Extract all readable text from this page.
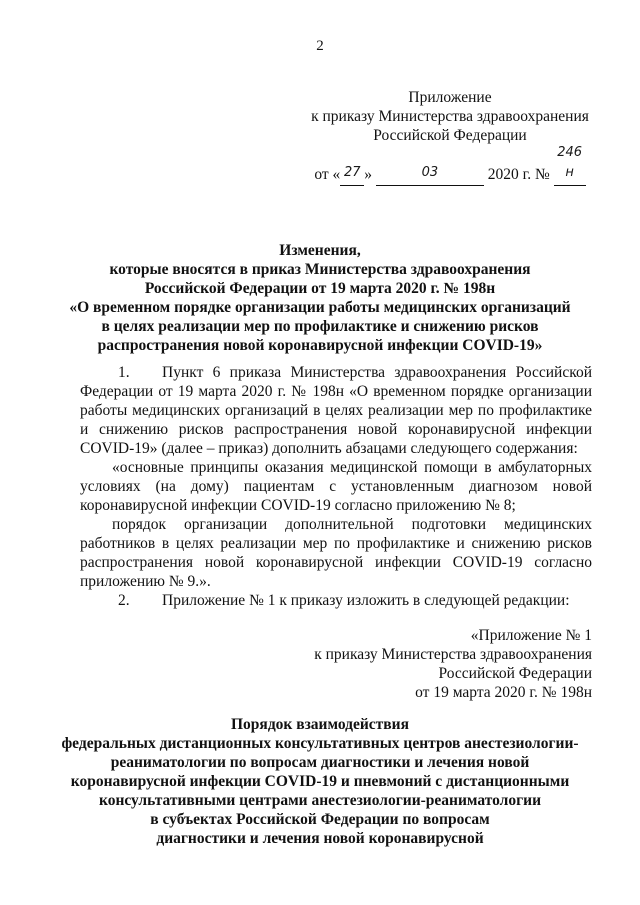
2
Приложение
к приказу Министерства здравоохранения
Российской Федерации
от « 27 »	03	2020 г. № 246 н
Изменения,
которые вносятся в приказ Министерства здравоохранения
Российской Федерации от 19 марта 2020 г. № 198н
«О временном порядке организации работы медицинских организаций
в целях реализации мер по профилактике и снижению рисков
распространения новой коронавирусной инфекции COVID-19»

1. Пункт 6 приказа Министерства здравоохранения Российской Федерации от 19 марта 2020 г. № 198н «О временном порядке организации работы медицинских организаций в целях реализации мер по профилактике и снижению рисков распространения новой коронавирусной инфекции COVID-19» (далее – приказ) дополнить абзацами следующего содержания:

«основные принципы оказания медицинской помощи в амбулаторных условиях (на дому) пациентам с установленным диагнозом новой коронавирусной инфекции COVID-19 согласно приложению № 8;

порядок организации дополнительной подготовки медицинских работников в целях реализации мер по профилактике и снижению рисков распространения новой коронавирусной инфекции COVID-19 согласно приложению № 9.».

2. Приложение № 1 к приказу изложить в следующей редакции:

«Приложение № 1
к приказу Министерства здравоохранения
Российской Федерации
от 19 марта 2020 г. № 198н
Порядок взаимодействия
федеральных дистанционных консультативных центров анестезиологии-
реаниматологии по вопросам диагностики и лечения новой
коронавирусной инфекции COVID-19 и пневмоний с дистанционными
консультативными центрами анестезиологии-реаниматологии
в субъектах Российской Федерации по вопросам
диагностики и лечения новой коронавирусной
